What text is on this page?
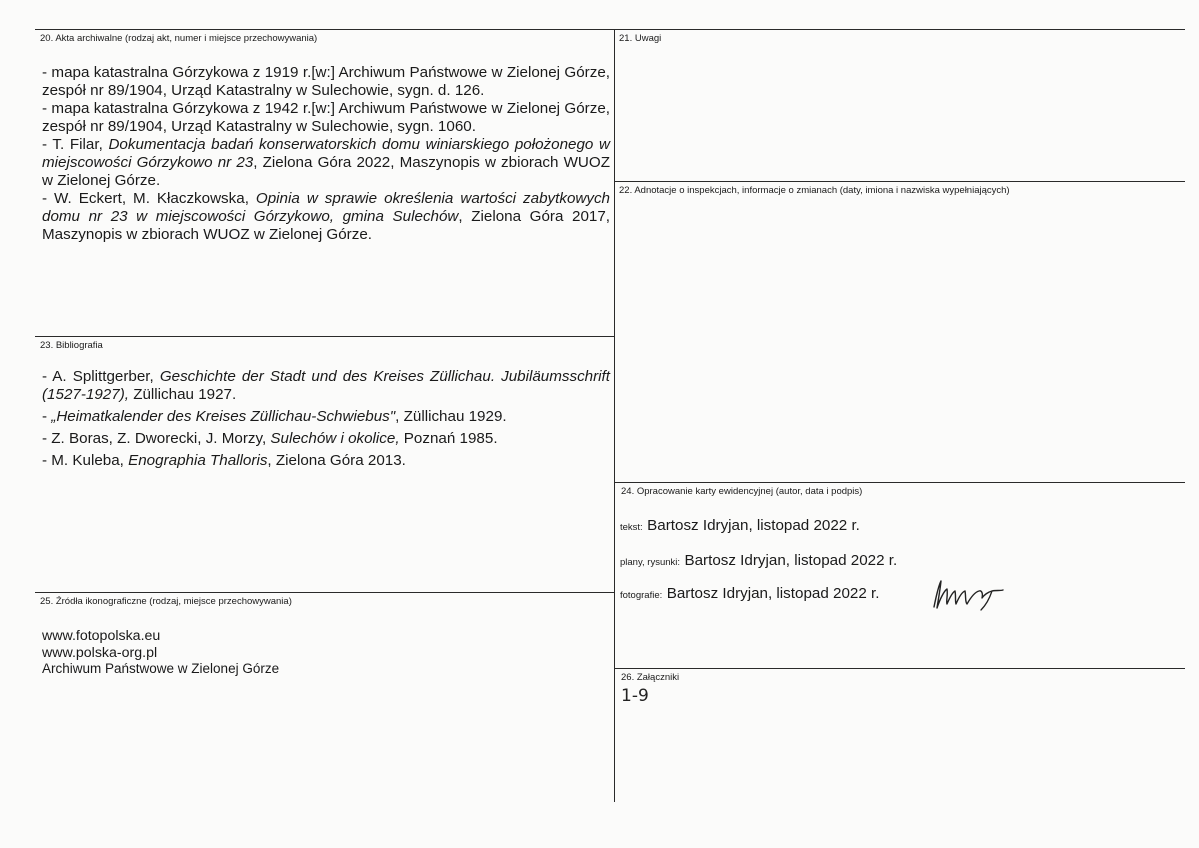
20. Akta archiwalne (rodzaj akt, numer i miejsce przechowywania)

- mapa katastralna Górzykowa z 1919 r.[w:] Archiwum Państwowe w Zielonej Górze, zespół nr 89/1904, Urząd Katastralny w Sulechowie, sygn. d. 126.

- mapa katastralna Górzykowa z 1942 r.[w:] Archiwum Państwowe w Zielonej Górze, zespół nr 89/1904, Urząd Katastralny w Sulechowie, sygn. 1060.

- T. Filar, Dokumentacja badań konserwatorskich domu winiarskiego położonego w miejscowości Górzykowo nr 23, Zielona Góra 2022, Maszynopis w zbiorach WUOZ w Zielonej Górze.

- W. Eckert, M. Kłaczkowska, Opinia w sprawie określenia wartości zabytkowych domu nr 23 w miejscowości Górzykowo, gmina Sulechów, Zielona Góra 2017, Maszynopis w zbiorach WUOZ w Zielonej Górze.

21. Uwagi
22. Adnotacje o inspekcjach, informacje o zmianach (daty, imiona i nazwiska wypełniających)
23. Bibliografia

- A. Splittgerber, Geschichte der Stadt und des Kreises Züllichau. Jubiläumsschrift (1527-1927), Züllichau 1927.

- „Heimatkalender des Kreises Züllichau-Schwiebus", Züllichau 1929.

- Z. Boras, Z. Dworecki, J. Morzy, Sulechów i okolice, Poznań 1985.

- M. Kuleba, Enographia Thalloris, Zielona Góra 2013.

24. Opracowanie karty ewidencyjnej (autor, data i podpis)
tekst: Bartosz Idryjan, listopad 2022 r.
plany, rysunki: Bartosz Idryjan, listopad 2022 r.
fotografie: Bartosz Idryjan, listopad 2022 r.
25. Źródła ikonograficzne (rodzaj, miejsce przechowywania)
www.fotopolska.eu
www.polska-org.pl
Archiwum Państwowe w Zielonej Górze
26. Załączniki
1-9
